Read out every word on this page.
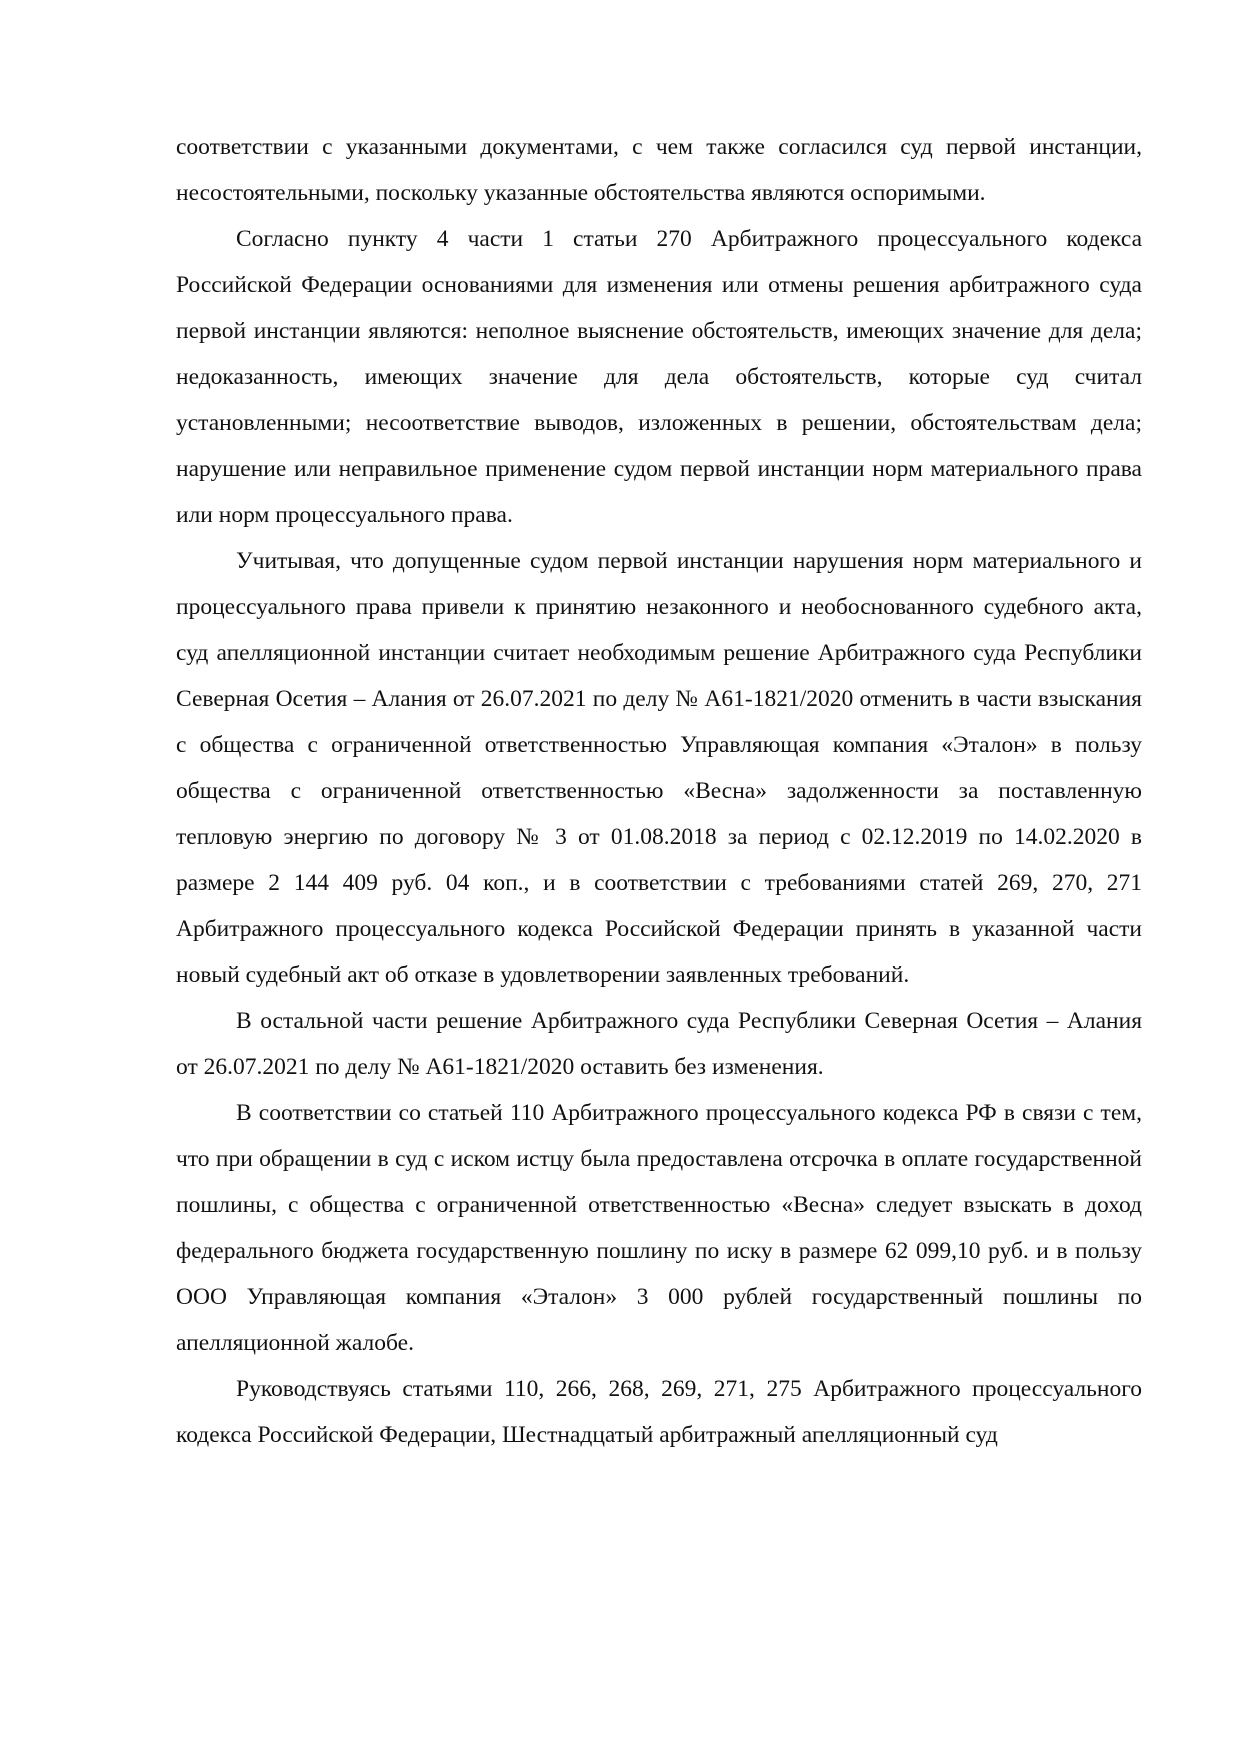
соответствии с указанными документами, с чем также согласился суд первой инстанции, несостоятельными, поскольку указанные обстоятельства являются оспоримыми.

Согласно пункту 4 части 1 статьи 270 Арбитражного процессуального кодекса Российской Федерации основаниями для изменения или отмены решения арбитражного суда первой инстанции являются: неполное выяснение обстоятельств, имеющих значение для дела; недоказанность, имеющих значение для дела обстоятельств, которые суд считал установленными; несоответствие выводов, изложенных в решении, обстоятельствам дела; нарушение или неправильное применение судом первой инстанции норм материального права или норм процессуального права.

Учитывая, что допущенные судом первой инстанции нарушения норм материального и процессуального права привели к принятию незаконного и необоснованного судебного акта, суд апелляционной инстанции считает необходимым решение Арбитражного суда Республики Северная Осетия – Алания от 26.07.2021 по делу № А61-1821/2020 отменить в части взыскания с общества с ограниченной ответственностью Управляющая компания «Эталон» в пользу общества с ограниченной ответственностью «Весна» задолженности за поставленную тепловую энергию по договору № 3 от 01.08.2018 за период с 02.12.2019 по 14.02.2020 в размере 2 144 409 руб. 04 коп., и в соответствии с требованиями статей 269, 270, 271 Арбитражного процессуального кодекса Российской Федерации принять в указанной части новый судебный акт об отказе в удовлетворении заявленных требований.

В остальной части решение Арбитражного суда Республики Северная Осетия – Алания от 26.07.2021 по делу № А61-1821/2020 оставить без изменения.

В соответствии со статьей 110 Арбитражного процессуального кодекса РФ в связи с тем, что при обращении в суд с иском истцу была предоставлена отсрочка в оплате государственной пошлины, с общества с ограниченной ответственностью «Весна» следует взыскать в доход федерального бюджета государственную пошлину по иску в размере 62 099,10 руб. и в пользу ООО Управляющая компания «Эталон» 3 000 рублей государственный пошлины по апелляционной жалобе.

Руководствуясь статьями 110, 266, 268, 269, 271, 275 Арбитражного процессуального кодекса Российской Федерации, Шестнадцатый арбитражный апелляционный суд
